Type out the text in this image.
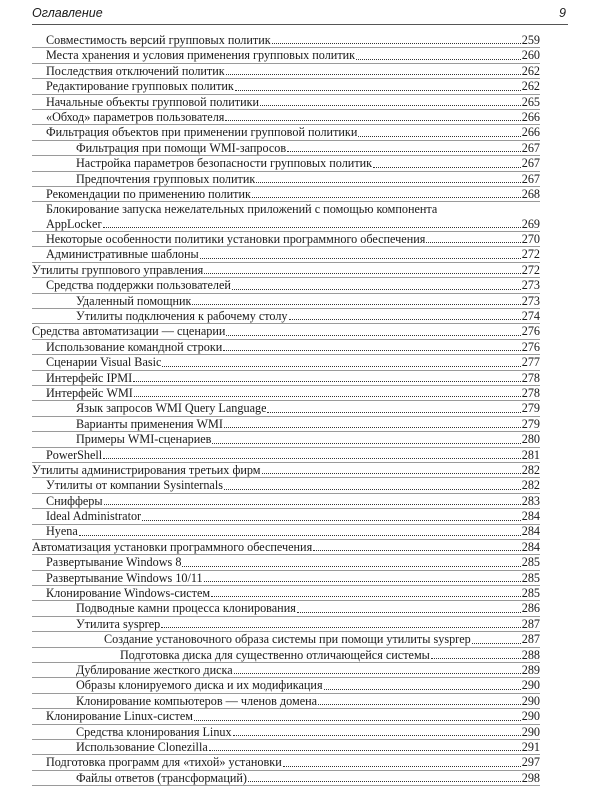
Оглавление	9
Совместимость версий групповых политик	259
Места хранения и условия применения групповых политик	260
Последствия отключений политик	262
Редактирование групповых политик	262
Начальные объекты групповой политики	265
«Обход» параметров пользователя	266
Фильтрация объектов при применении групповой политики	266
Фильтрация при помощи WMI-запросов	267
Настройка параметров безопасности групповых политик	267
Предпочтения групповых политик	267
Рекомендации по применению политик	268
Блокирование запуска нежелательных приложений с помощью компонента
AppLocker	269
Некоторые особенности политики установки программного обеспечения	270
Административные шаблоны	272
Утилиты группового управления	272
Средства поддержки пользователей	273
Удаленный помощник	273
Утилиты подключения к рабочему столу	274
Средства автоматизации — сценарии	276
Использование командной строки	276
Сценарии Visual Basic	277
Интерфейс IPMI	278
Интерфейс WMI	278
Язык запросов WMI Query Language	279
Варианты применения WMI	279
Примеры WMI-сценариев	280
PowerShell	281
Утилиты администрирования третьих фирм	282
Утилиты от компании Sysinternals	282
Снифферы	283
Ideal Administrator	284
Hyena	284
Автоматизация установки программного обеспечения	284
Развертывание Windows 8	285
Развертывание Windows 10/11	285
Клонирование Windows-систем	285
Подводные камни процесса клонирования	286
Утилита sysprep	287
Создание установочного образа системы при помощи утилиты sysprep	287
Подготовка диска для существенно отличающейся системы	288
Дублирование жесткого диска	289
Образы клонируемого диска и их модификация	290
Клонирование компьютеров — членов домена	290
Клонирование Linux-систем	290
Средства клонирования Linux	290
Использование Clonezilla	291
Подготовка программ для «тихой» установки	297
Файлы ответов (трансформаций)	298
